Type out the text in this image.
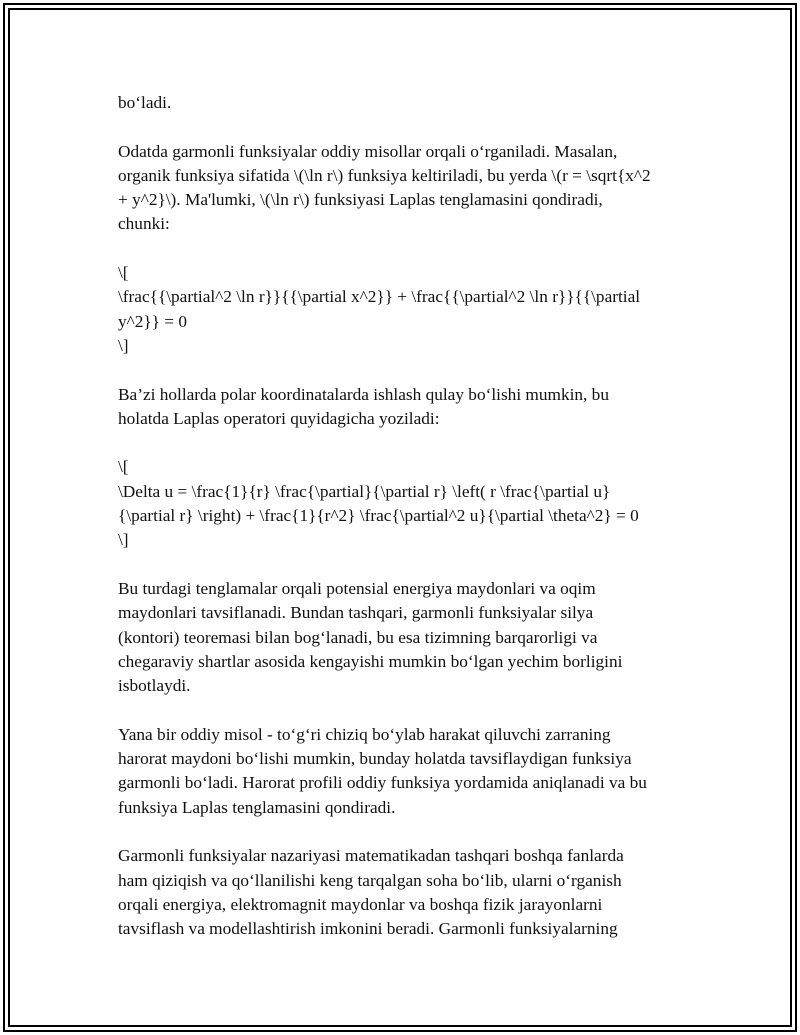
bo‘ladi.
Odatda garmonli funksiyalar oddiy misollar orqali o‘rganiladi. Masalan,
organik funksiya sifatida \(\ln r\) funksiya keltiriladi, bu yerda \(r = \sqrt{x^2
+ y^2}\). Ma'lumki, \(\ln r\) funksiyasi Laplas tenglamasini qondiradi,
chunki:
\[
\frac{{\partial^2 \ln r}}{{\partial x^2}} + \frac{{\partial^2 \ln r}}{{\partial
y^2}} = 0
\]
Ba’zi hollarda polar koordinatalarda ishlash qulay bo‘lishi mumkin, bu
holatda Laplas operatori quyidagicha yoziladi:
\[
\Delta u = \frac{1}{r} \frac{\partial}{\partial r} \left( r \frac{\partial u}
{\partial r} \right) + \frac{1}{r^2} \frac{\partial^2 u}{\partial \theta^2} = 0
\]
Bu turdagi tenglamalar orqali potensial energiya maydonlari va oqim
maydonlari tavsiflanadi. Bundan tashqari, garmonli funksiyalar silya
(kontori) teoremasi bilan bog‘lanadi, bu esa tizimning barqarorligi va
chegaraviy shartlar asosida kengayishi mumkin bo‘lgan yechim borligini
isbotlaydi.
Yana bir oddiy misol - to‘g‘ri chiziq bo‘ylab harakat qiluvchi zarraning
harorat maydoni bo‘lishi mumkin, bunday holatda tavsiflaydigan funksiya
garmonli bo‘ladi. Harorat profili oddiy funksiya yordamida aniqlanadi va bu
funksiya Laplas tenglamasini qondiradi.
Garmonli funksiyalar nazariyasi matematikadan tashqari boshqa fanlarda
ham qiziqish va qo‘llanilishi keng tarqalgan soha bo‘lib, ularni o‘rganish
orqali energiya, elektromagnit maydonlar va boshqa fizik jarayonlarni
tavsiflash va modellashtirish imkonini beradi. Garmonli funksiyalarning
